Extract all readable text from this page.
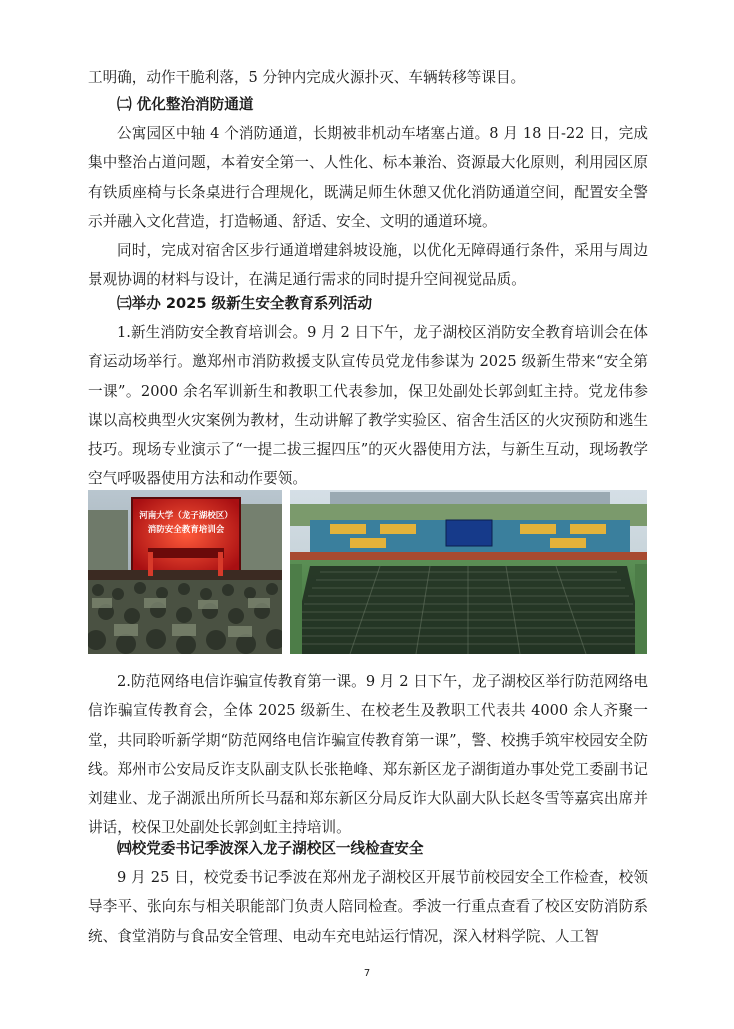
工明确，动作干脆利落，5 分钟内完成火源扑灭、车辆转移等课目。

㈡ 优化整治消防通道

公寓园区中轴 4 个消防通道，长期被非机动车堵塞占道。8 月 18 日-22 日，完成集中整治占道问题，本着安全第一、人性化、标本兼治、资源最大化原则，利用园区原有铁质座椅与长条桌进行合理规化，既满足师生休憩又优化消防通道空间，配置安全警示并融入文化营造，打造畅通、舒适、安全、文明的通道环境。

同时，完成对宿舍区步行通道增建斜坡设施，以优化无障碍通行条件，采用与周边景观协调的材料与设计，在满足通行需求的同时提升空间视觉品质。

㈢举办 2025 级新生安全教育系列活动

1.新生消防安全教育培训会。9 月 2 日下午，龙子湖校区消防安全教育培训会在体育运动场举行。邀郑州市消防救援支队宣传员党龙伟参谋为 2025 级新生带来“安全第一课”。2000 余名军训新生和教职工代表参加，保卫处副处长郭剑虹主持。党龙伟参谋以高校典型火灾案例为教材，生动讲解了教学实验区、宿舍生活区的火灾预防和逃生技巧。现场专业演示了“一提二拔三握四压”的灭火器使用方法，与新生互动，现场教学空气呼吸器使用方法和动作要领。

河南大学（龙子湖校区）
消防安全教育培训会

2.防范网络电信诈骗宣传教育第一课。9 月 2 日下午，龙子湖校区举行防范网络电信诈骗宣传教育会，全体 2025 级新生、在校老生及教职工代表共 4000 余人齐聚一堂，共同聆听新学期“防范网络电信诈骗宣传教育第一课”，警、校携手筑牢校园安全防线。郑州市公安局反诈支队副支队长张艳峰、郑东新区龙子湖街道办事处党工委副书记刘建业、龙子湖派出所所长马磊和郑东新区分局反诈大队副大队长赵冬雪等嘉宾出席并讲话，校保卫处副处长郭剑虹主持培训。

㈣校党委书记季波深入龙子湖校区一线检查安全

9 月 25 日，校党委书记季波在郑州龙子湖校区开展节前校园安全工作检查，校领导李平、张向东与相关职能部门负责人陪同检查。季波一行重点查看了校区安防消防系统、食堂消防与食品安全管理、电动车充电站运行情况，深入材料学院、人工智

7
